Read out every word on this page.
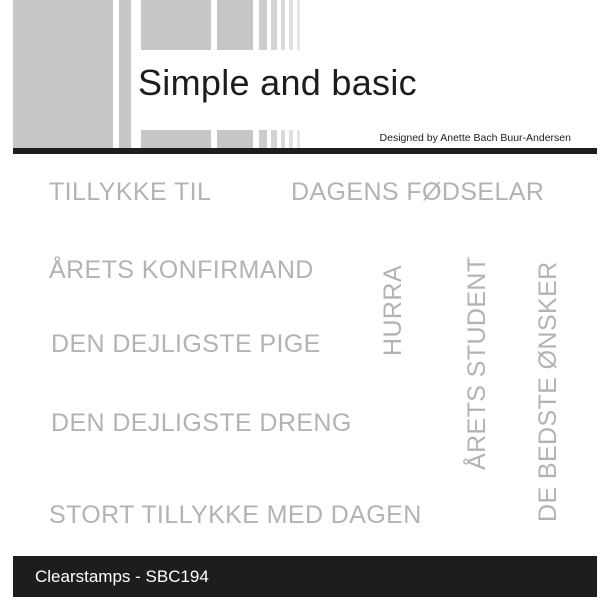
Simple and basic
Designed by Anette Bach Buur-Andersen
TILLYKKE TIL	DAGENS FØDSELAR
ÅRETS KONFIRMAND
DEN DEJLIGSTE PIGE
DEN DEJLIGSTE DRENG
STORT TILLYKKE MED DAGEN
HURRA ÅRETS STUDENT DE BEDSTE ØNSKER
Clearstamps - SBC194
